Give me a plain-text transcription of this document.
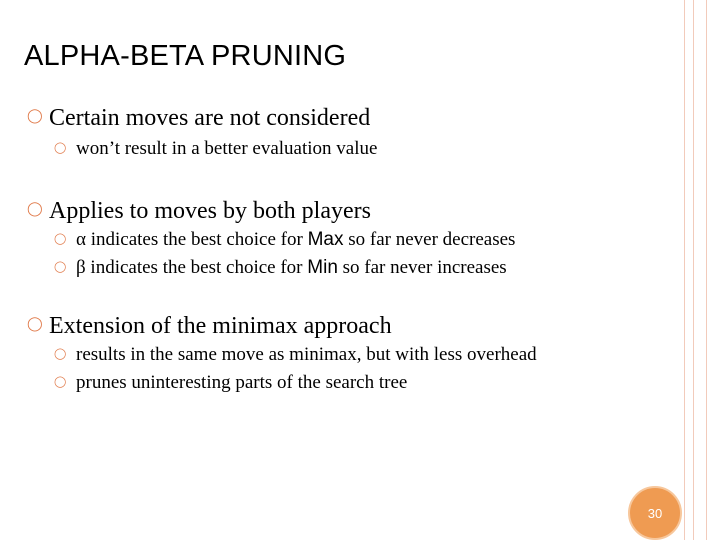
ALPHA-BETA PRUNING
◯ Certain moves are not considered
◯ won’t result in a better evaluation value
◯ Applies to moves by both players
◯ α indicates the best choice for Max so far never decreases
◯ β indicates the best choice for Min so far never increases
◯ Extension of the minimax approach
◯ results in the same move as minimax, but with less overhead
◯ prunes uninteresting parts of the search tree
30
